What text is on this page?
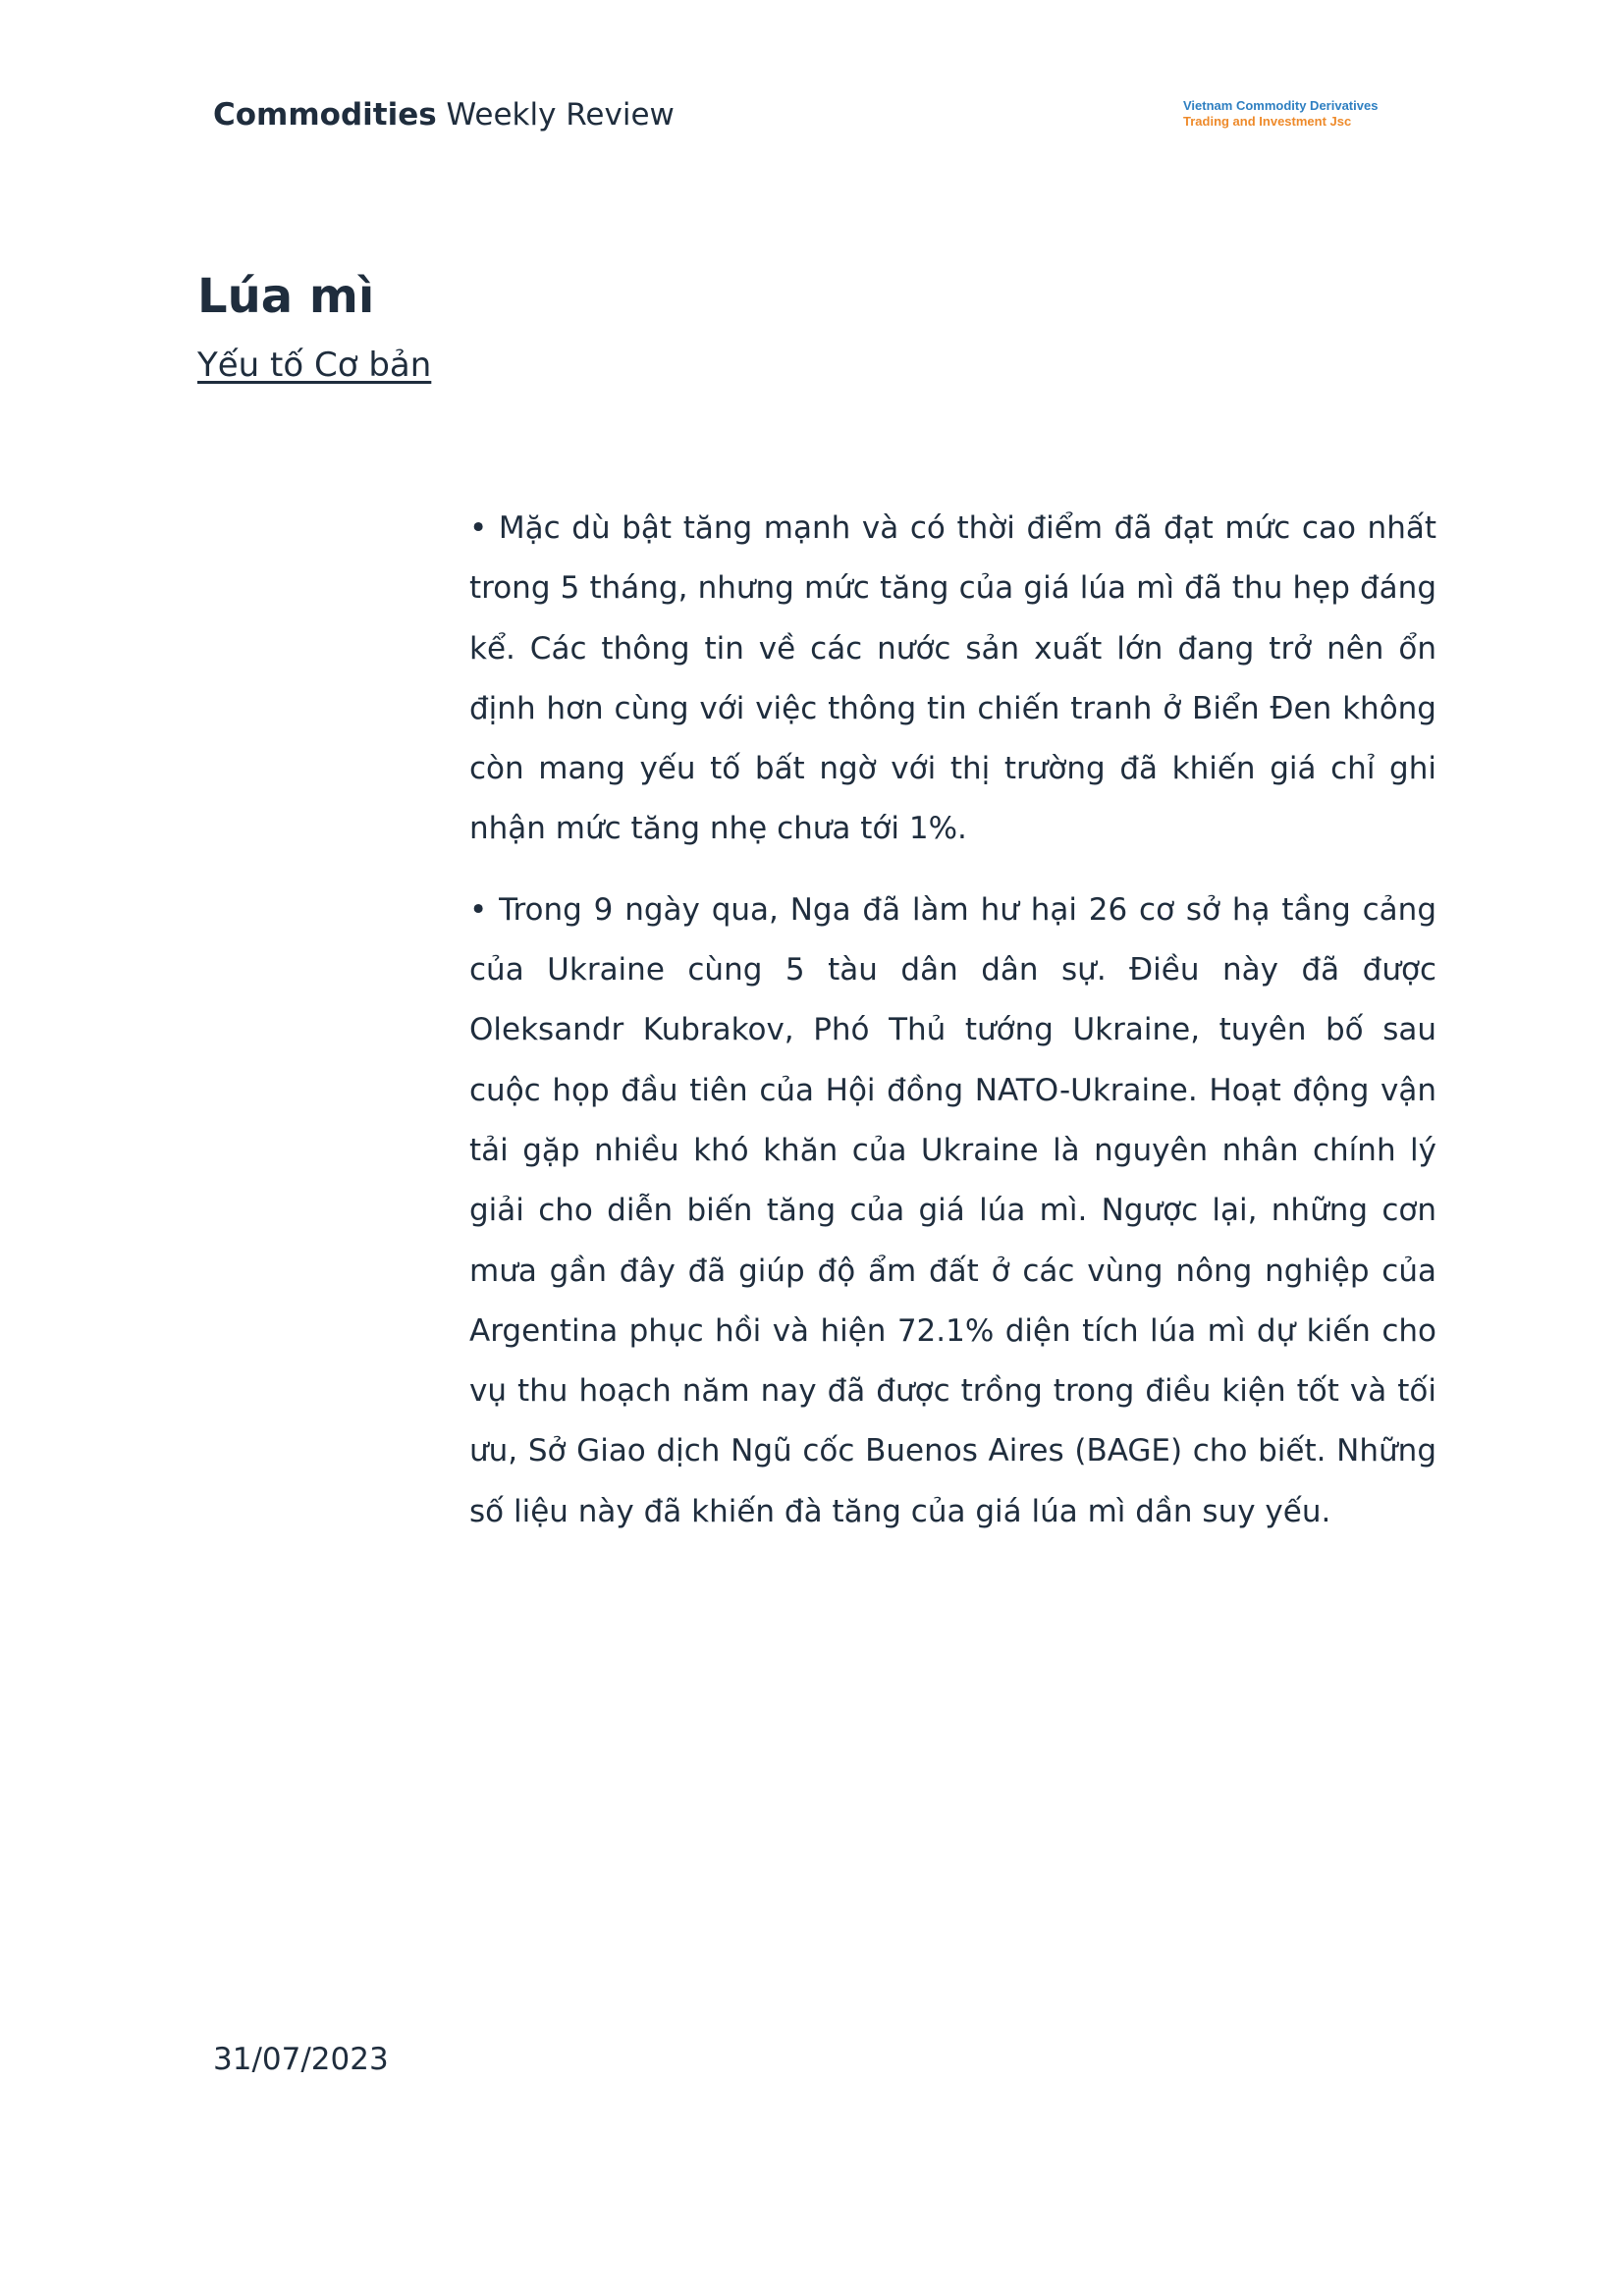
Commodities Weekly Review	Vietnam Commodity Derivatives
Trading and Investment Jsc
Lúa mì
Yếu tố Cơ bản

• Mặc dù bật tăng mạnh và có thời điểm đã đạt mức cao nhất trong 5 tháng, nhưng mức tăng của giá lúa mì đã thu hẹp đáng kể. Các thông tin về các nước sản xuất lớn đang trở nên ổn định hơn cùng với việc thông tin chiến tranh ở Biển Đen không còn mang yếu tố bất ngờ với thị trường đã khiến giá chỉ ghi nhận mức tăng nhẹ chưa tới 1%.

• Trong 9 ngày qua, Nga đã làm hư hại 26 cơ sở hạ tầng cảng của Ukraine cùng 5 tàu dân dân sự. Điều này đã được Oleksandr Kubrakov, Phó Thủ tướng Ukraine, tuyên bố sau cuộc họp đầu tiên của Hội đồng NATO-Ukraine. Hoạt động vận tải gặp nhiều khó khăn của Ukraine là nguyên nhân chính lý giải cho diễn biến tăng của giá lúa mì. Ngược lại, những cơn mưa gần đây đã giúp độ ẩm đất ở các vùng nông nghiệp của Argentina phục hồi và hiện 72.1% diện tích lúa mì dự kiến cho vụ thu hoạch năm nay đã được trồng trong điều kiện tốt và tối ưu, Sở Giao dịch Ngũ cốc Buenos Aires (BAGE) cho biết. Những số liệu này đã khiến đà tăng của giá lúa mì dần suy yếu.

31/07/2023
